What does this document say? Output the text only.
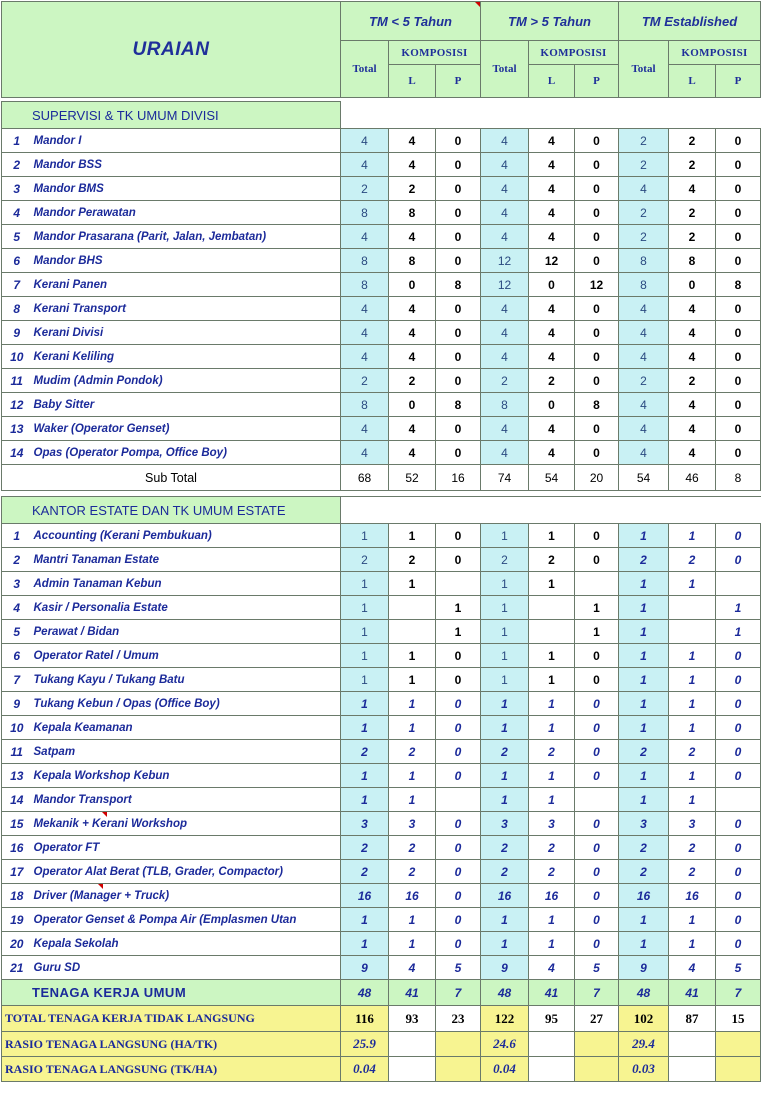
URAIAN		TM < 5 Tahun			TM > 5 Tahun			TM Established		
		Total	KOMPOSISI		Total	KOMPOSISI		Total	KOMPOSISI	
			L	P		L	P		L	P

SUPERVISI & TK UMUM DIVISI										
1	Mandor I	4	4	0	4	4	0	2	2	0
2	Mandor BSS	4	4	0	4	4	0	2	2	0
3	Mandor BMS	2	2	0	4	4	0	4	4	0
4	Mandor Perawatan	8	8	0	4	4	0	2	2	0
5	Mandor Prasarana (Parit, Jalan, Jembatan)	4	4	0	4	4	0	2	2	0
6	Mandor BHS	8	8	0	12	12	0	8	8	0
7	Kerani Panen	8	0	8	12	0	12	8	0	8
8	Kerani Transport	4	4	0	4	4	0	4	4	0
9	Kerani Divisi	4	4	0	4	4	0	4	4	0
10	Kerani Keliling	4	4	0	4	4	0	4	4	0
11	Mudim (Admin Pondok)	2	2	0	2	2	0	2	2	0
12	Baby Sitter	8	0	8	8	0	8	4	4	0
13	Waker (Operator Genset)	4	4	0	4	4	0	4	4	0
14	Opas (Operator Pompa, Office Boy)	4	4	0	4	4	0	4	4	0
Sub Total		68	52	16	74	54	20	54	46	8

KANTOR ESTATE DAN TK UMUM ESTATE										
1	Accounting (Kerani Pembukuan)	1	1	0	1	1	0	1	1	0
2	Mantri Tanaman Estate	2	2	0	2	2	0	2	2	0
3	Admin Tanaman Kebun	1	1		1	1		1	1	
4	Kasir / Personalia Estate	1		1	1		1	1		1
5	Perawat / Bidan	1		1	1		1	1		1
6	Operator Ratel / Umum	1	1	0	1	1	0	1	1	0
7	Tukang Kayu / Tukang Batu	1	1	0	1	1	0	1	1	0
9	Tukang Kebun / Opas (Office Boy)	1	1	0	1	1	0	1	1	0
10	Kepala Keamanan	1	1	0	1	1	0	1	1	0
11	Satpam	2	2	0	2	2	0	2	2	0
13	Kepala Workshop Kebun	1	1	0	1	1	0	1	1	0
14	Mandor Transport	1	1		1	1		1	1	
15	Mekanik + Kerani Workshop	3	3	0	3	3	0	3	3	0
16	Operator FT	2	2	0	2	2	0	2	2	0
17	Operator Alat Berat (TLB, Grader, Compactor)	2	2	0	2	2	0	2	2	0
18	Driver (Manager + Truck)	16	16	0	16	16	0	16	16	0
19	Operator Genset & Pompa Air (Emplasmen Utan	1	1	0	1	1	0	1	1	0
20	Kepala Sekolah	1	1	0	1	1	0	1	1	0
21	Guru SD	9	4	5	9	4	5	9	4	5
TENAGA KERJA UMUM		48	41	7	48	41	7	48	41	7
TOTAL TENAGA KERJA TIDAK LANGSUNG		116	93	23	122	95	27	102	87	15
RASIO TENAGA LANGSUNG (HA/TK)		25.9			24.6			29.4		
RASIO TENAGA LANGSUNG (TK/HA)		0.04			0.04			0.03		
